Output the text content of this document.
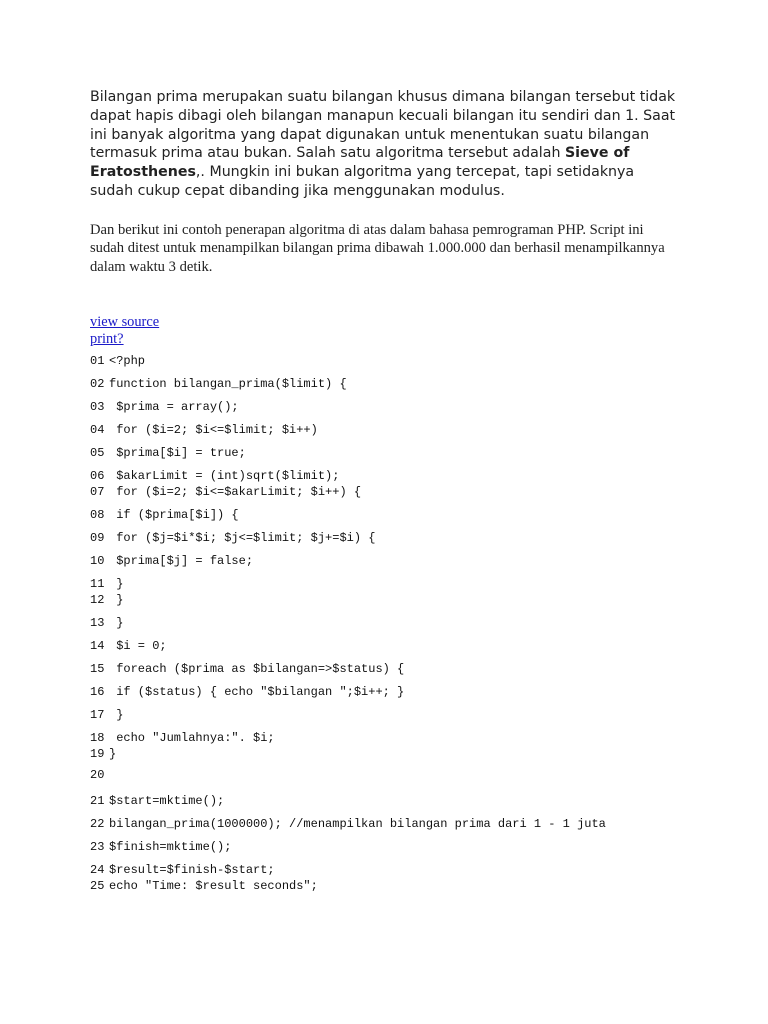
Bilangan prima merupakan suatu bilangan khusus dimana bilangan tersebut tidak dapat hapis dibagi oleh bilangan manapun kecuali bilangan itu sendiri dan 1. Saat ini banyak algoritma yang dapat digunakan untuk menentukan suatu bilangan termasuk prima atau bukan. Salah satu algoritma tersebut adalah Sieve of Eratosthenes,. Mungkin ini bukan algoritma yang tercepat, tapi setidaknya sudah cukup cepat dibanding jika menggunakan modulus.

Dan berikut ini contoh penerapan algoritma di atas dalam bahasa pemrograman PHP. Script ini sudah ditest untuk menampilkan bilangan prima dibawah 1.000.000 dan berhasil menampilkannya dalam waktu 3 detik.

view source
print?
01 <?php
02 function bilangan_prima($limit) {
03 $prima = array();
04 for ($i=2; $i<=$limit; $i++)
05 $prima[$i] = true;
06 $akarLimit = (int)sqrt($limit);
07 for ($i=2; $i<=$akarLimit; $i++) {
08 if ($prima[$i]) {
09 for ($j=$i*$i; $j<=$limit; $j+=$i) {
10 $prima[$j] = false;
11 }
12 }
13 }
14 $i = 0;
15 foreach ($prima as $bilangan=>$status) {
16 if ($status) { echo "$bilangan ";$i++; }
17 }
18 echo "Jumlahnya:". $i;
19 }
20
21 $start=mktime();
22 bilangan_prima(1000000); //menampilkan bilangan prima dari 1 - 1 juta
23 $finish=mktime();
24 $result=$finish-$start;
25 echo "Time: $result seconds";
